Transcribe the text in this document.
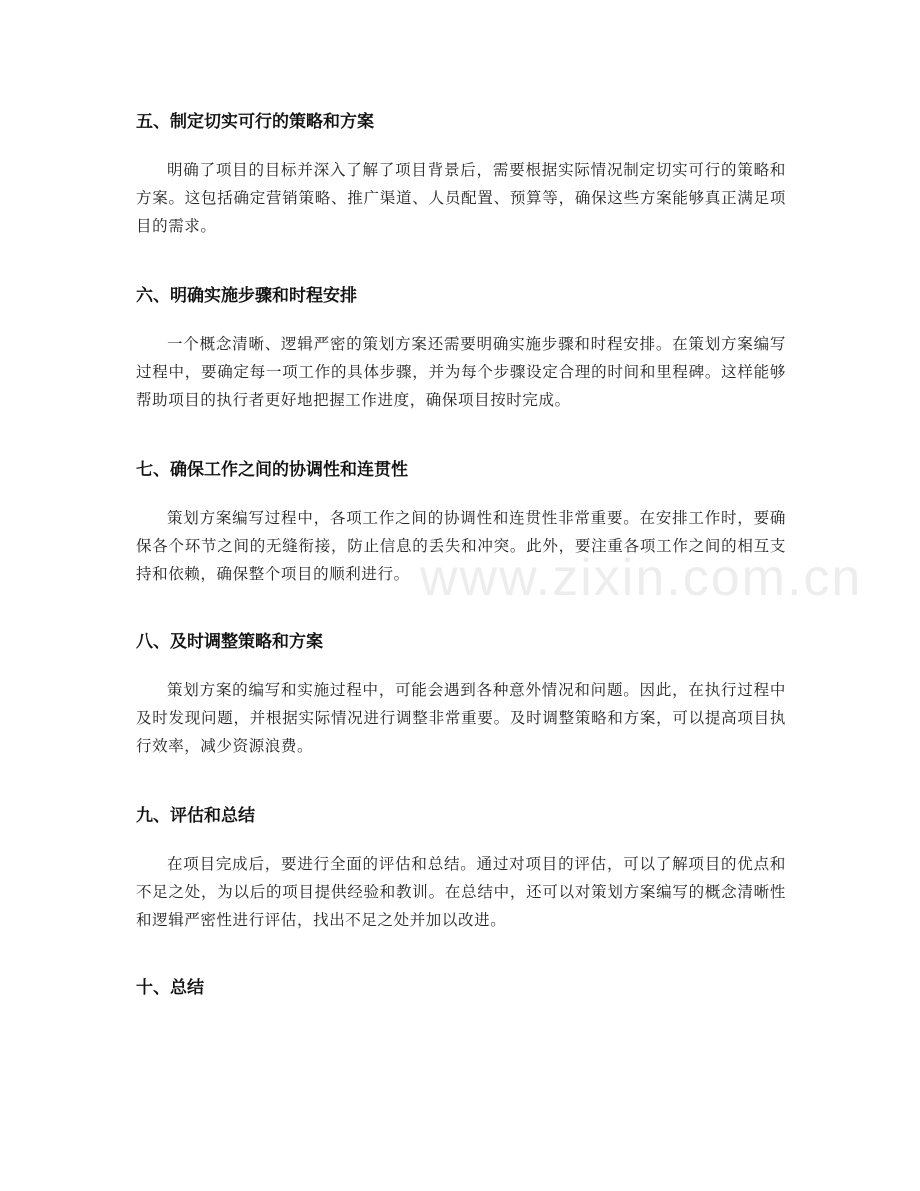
五、制定切实可行的策略和方案

明确了项目的目标并深入了解了项目背景后，需要根据实际情况制定切实可行的策略和方案。这包括确定营销策略、推广渠道、人员配置、预算等，确保这些方案能够真正满足项目的需求。

六、明确实施步骤和时程安排

一个概念清晰、逻辑严密的策划方案还需要明确实施步骤和时程安排。在策划方案编写过程中，要确定每一项工作的具体步骤，并为每个步骤设定合理的时间和里程碑。这样能够帮助项目的执行者更好地把握工作进度，确保项目按时完成。

七、确保工作之间的协调性和连贯性

策划方案编写过程中，各项工作之间的协调性和连贯性非常重要。在安排工作时，要确保各个环节之间的无缝衔接，防止信息的丢失和冲突。此外，要注重各项工作之间的相互支持和依赖，确保整个项目的顺利进行。

八、及时调整策略和方案

策划方案的编写和实施过程中，可能会遇到各种意外情况和问题。因此，在执行过程中及时发现问题，并根据实际情况进行调整非常重要。及时调整策略和方案，可以提高项目执行效率，减少资源浪费。

九、评估和总结

在项目完成后，要进行全面的评估和总结。通过对项目的评估，可以了解项目的优点和不足之处，为以后的项目提供经验和教训。在总结中，还可以对策划方案编写的概念清晰性和逻辑严密性进行评估，找出不足之处并加以改进。

十、总结
www.zixin.com.cn
